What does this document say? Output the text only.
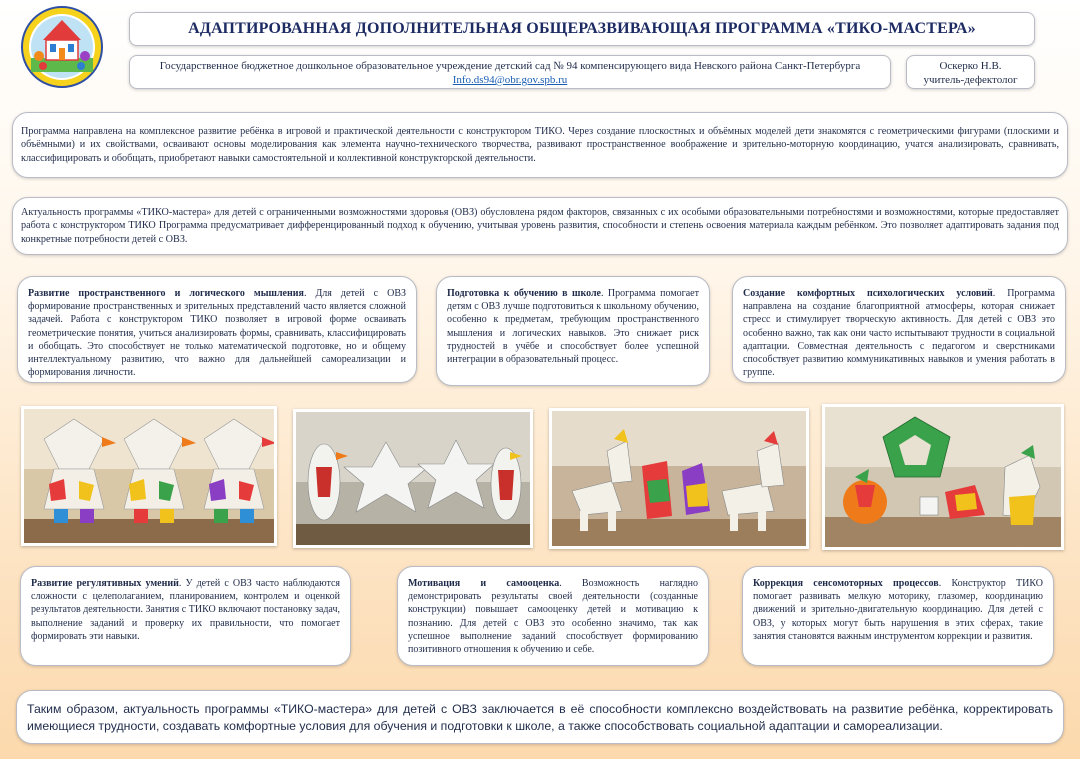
АДАПТИРОВАННАЯ ДОПОЛНИТЕЛЬНАЯ ОБЩЕРАЗВИВАЮЩАЯ ПРОГРАММА «ТИКО-МАСТЕРА»
Государственное бюджетное дошкольное образовательное учреждение детский сад № 94 компенсирующего вида Невского района Санкт-Петербурга
Info.ds94@obr.gov.spb.ru
Оскерко Н.В.
учитель-дефектолог
Программа направлена на комплексное развитие ребёнка в игровой и практической деятельности с конструктором ТИКО. Через создание плоскостных и объёмных моделей дети знакомятся с геометрическими фигурами (плоскими и объёмными) и их свойствами, осваивают основы моделирования как элемента научно-технического творчества, развивают пространственное воображение и зрительно-моторную координацию, учатся анализировать, сравнивать, классифицировать и обобщать, приобретают навыки самостоятельной и коллективной конструкторской деятельности.
Актуальность программы «ТИКО-мастера» для детей с ограниченными возможностями здоровья (ОВЗ) обусловлена рядом факторов, связанных с их особыми образовательными потребностями и возможностями, которые предоставляет работа с конструктором ТИКО Программа предусматривает дифференцированный подход к обучению, учитывая уровень развития, способности и степень освоения материала каждым ребёнком. Это позволяет адаптировать задания под конкретные потребности детей с ОВЗ.
Развитие пространственного и логического мышления. Для детей с ОВЗ формирование пространственных и зрительных представлений часто является сложной задачей. Работа с конструктором ТИКО позволяет в игровой форме осваивать геометрические понятия, учиться анализировать формы, сравнивать, классифицировать и обобщать. Это способствует не только математической подготовке, но и общему интеллектуальному развитию, что важно для дальнейшей самореализации и формирования личности.
Подготовка к обучению в школе. Программа помогает детям с ОВЗ лучше подготовиться к школьному обучению, особенно к предметам, требующим пространственного мышления и логических навыков. Это снижает риск трудностей в учёбе и способствует более успешной интеграции в образовательный процесс.
Создание комфортных психологических условий. Программа направлена на создание благоприятной атмосферы, которая снижает стресс и стимулирует творческую активность. Для детей с ОВЗ это особенно важно, так как они часто испытывают трудности в социальной адаптации. Совместная деятельность с педагогом и сверстниками способствует развитию коммуникативных навыков и умения работать в группе.
Развитие регулятивных умений. У детей с ОВЗ часто наблюдаются сложности с целеполаганием, планированием, контролем и оценкой результатов деятельности. Занятия с ТИКО включают постановку задач, выполнение заданий и проверку их правильности, что помогает формировать эти навыки.
Мотивация и самооценка. Возможность наглядно демонстрировать результаты своей деятельности (созданные конструкции) повышает самооценку детей и мотивацию к познанию. Для детей с ОВЗ это особенно значимо, так как успешное выполнение заданий способствует формированию позитивного отношения к обучению и себе.
Коррекция сенсомоторных процессов. Конструктор ТИКО помогает развивать мелкую моторику, глазомер, координацию движений и зрительно-двигательную координацию. Для детей с ОВЗ, у которых могут быть нарушения в этих сферах, такие занятия становятся важным инструментом коррекции и развития.
Таким образом, актуальность программы «ТИКО-мастера» для детей с ОВЗ заключается в её способности комплексно воздействовать на развитие ребёнка, корректировать имеющиеся трудности, создавать комфортные условия для обучения и подготовки к школе, а также способствовать социальной адаптации и самореализации.
